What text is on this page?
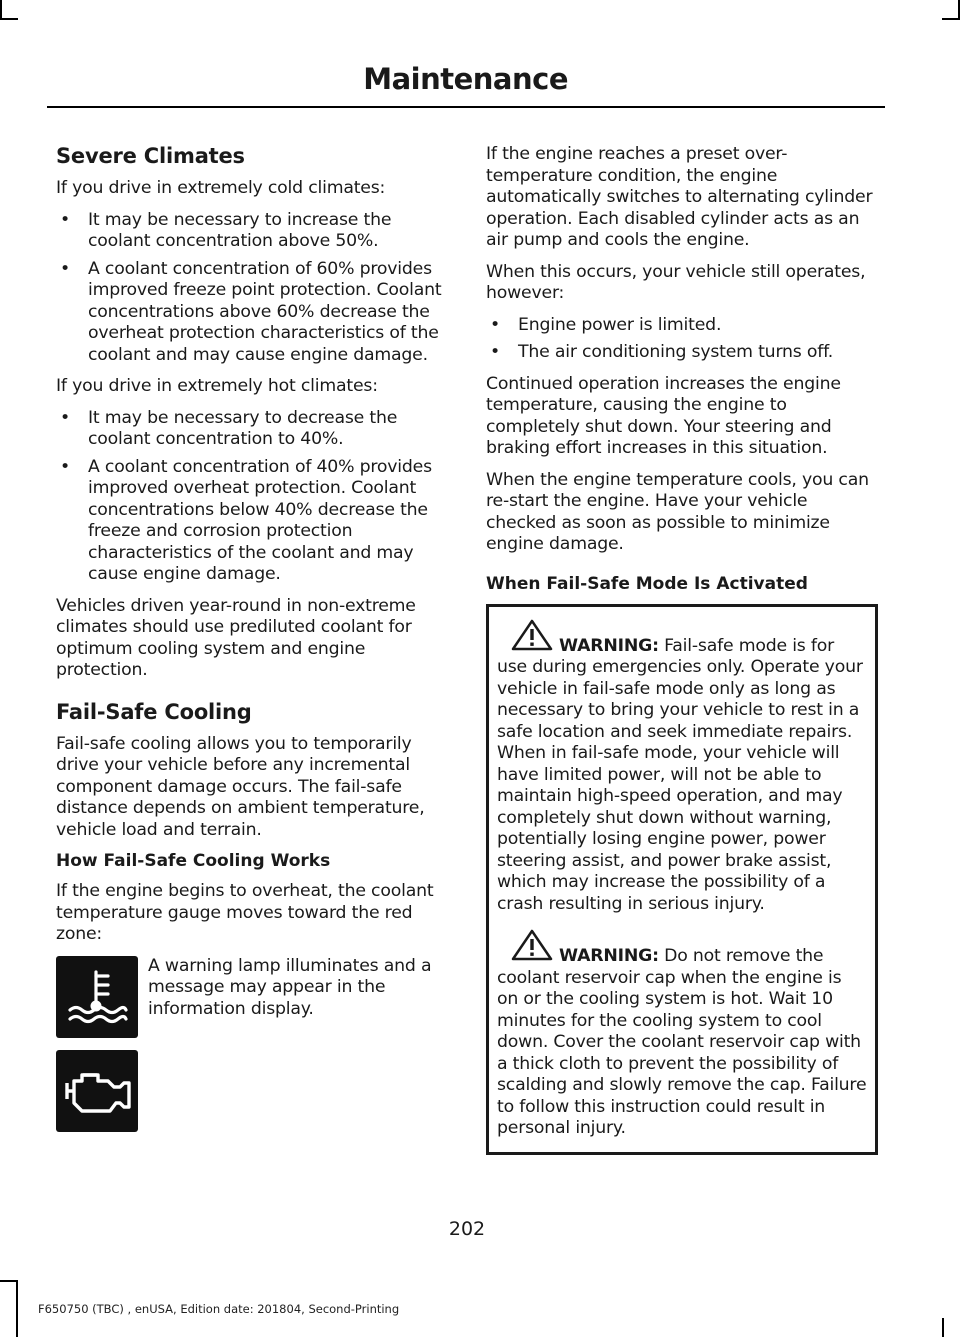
Maintenance
Severe Climates
If you drive in extremely cold climates:
• It may be necessary to increase the coolant concentration above 50%.
• A coolant concentration of 60% provides improved freeze point protection. Coolant concentrations above 60% decrease the overheat protection characteristics of the coolant and may cause engine damage.
If you drive in extremely hot climates:
• It may be necessary to decrease the coolant concentration to 40%.
• A coolant concentration of 40% provides improved overheat protection. Coolant concentrations below 40% decrease the freeze and corrosion protection characteristics of the coolant and may cause engine damage.
Vehicles driven year-round in non-extreme climates should use prediluted coolant for optimum cooling system and engine protection.
Fail-Safe Cooling
Fail-safe cooling allows you to temporarily drive your vehicle before any incremental component damage occurs. The fail-safe distance depends on ambient temperature, vehicle load and terrain.
How Fail-Safe Cooling Works
If the engine begins to overheat, the coolant temperature gauge moves toward the red zone:
A warning lamp illuminates and a message may appear in the information display.
If the engine reaches a preset over-temperature condition, the engine automatically switches to alternating cylinder operation. Each disabled cylinder acts as an air pump and cools the engine.
When this occurs, your vehicle still operates, however:
• Engine power is limited.
• The air conditioning system turns off.
Continued operation increases the engine temperature, causing the engine to completely shut down. Your steering and braking effort increases in this situation.
When the engine temperature cools, you can re-start the engine. Have your vehicle checked as soon as possible to minimize engine damage.
When Fail-Safe Mode Is Activated
WARNING: Fail-safe mode is for use during emergencies only. Operate your vehicle in fail-safe mode only as long as necessary to bring your vehicle to rest in a safe location and seek immediate repairs. When in fail-safe mode, your vehicle will have limited power, will not be able to maintain high-speed operation, and may completely shut down without warning, potentially losing engine power, power steering assist, and power brake assist, which may increase the possibility of a crash resulting in serious injury.
WARNING: Do not remove the coolant reservoir cap when the engine is on or the cooling system is hot. Wait 10 minutes for the cooling system to cool down. Cover the coolant reservoir cap with a thick cloth to prevent the possibility of scalding and slowly remove the cap. Failure to follow this instruction could result in personal injury.
202
F650750 (TBC) , enUSA, Edition date: 201804, Second-Printing
